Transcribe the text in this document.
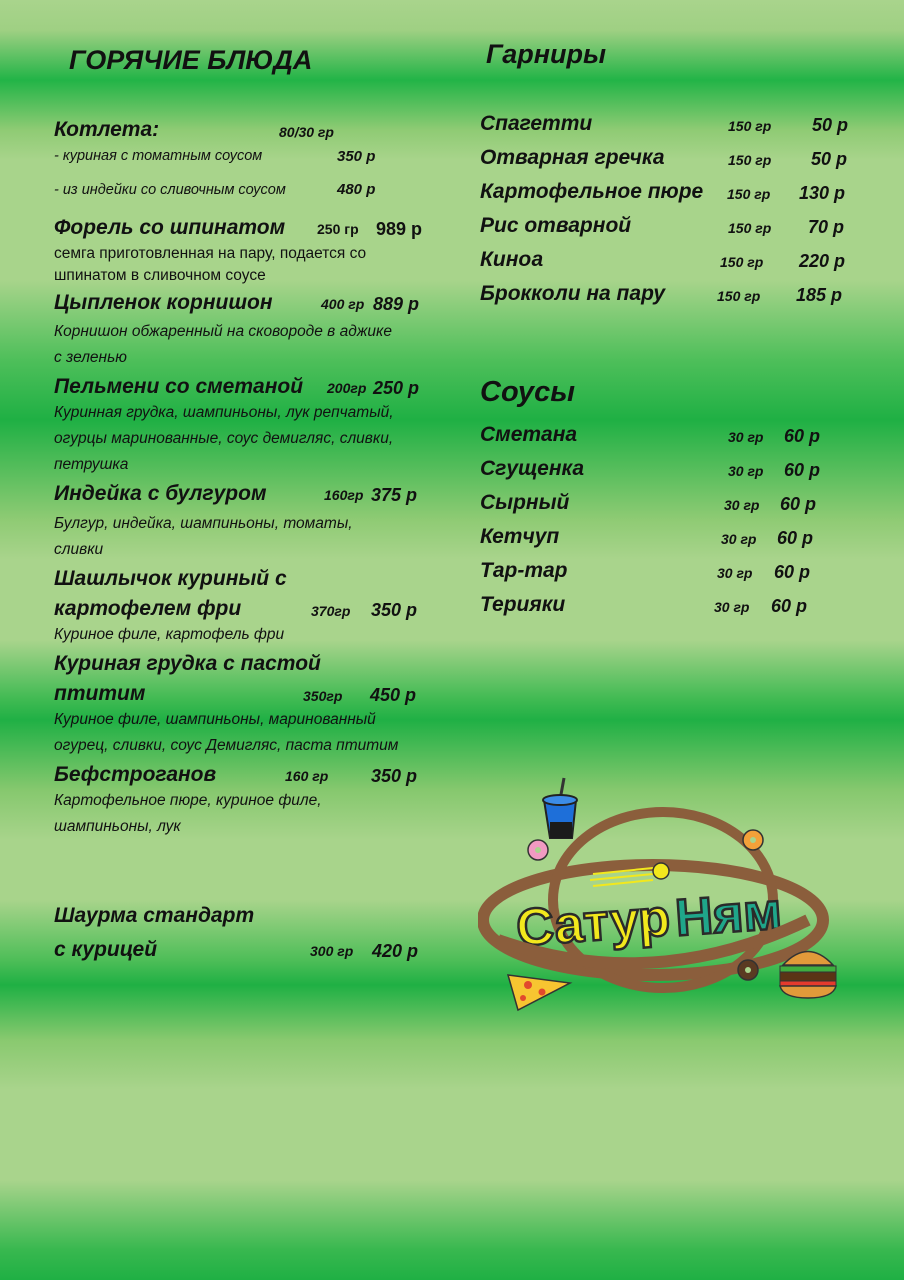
ГОРЯЧИЕ БЛЮДА
Котлета:	80/30 гр
- куриная с томатным соусом	350 р
- из индейки со сливочным соусом	480 р
Форель со шпинатом 250 гр 989 р
семга приготовленная на пару, подается со
шпинатом в сливочном соусе
Цыпленок корнишон	400 гр 889 р
Корнишон обжаренный на сковороде в аджике
с зеленью
Пельмени со сметаной 200гр 250 р
Куринная грудка, шампиньоны, лук репчатый,
огурцы маринованные, соус демигляс, сливки,
петрушка
Индейка с булгуром	160гр 375 р
Булгур, индейка, шампиньоны, томаты,
сливки
Шашлычок куриный с
картофелем фри	370гр 350 р
Куриное филе, картофель фри
Куриная грудка с пастой
птитим	350гр 450 р
Куриное филе, шампиньоны, маринованный
огурец, сливки, соус Демигляс, паста птитим
Бефстроганов	160 гр 350 р
Картофельное пюре, куриное филе,
шампиньоны, лук
Шаурма стандарт
с курицей	300 гр 420 р
Гарниры
Спагетти	150 гр 50 р
Отварная гречка	150 гр 50 р
Картофельное пюре 150 гр 130 р
Рис отварной	150 гр 70 р
Киноа	150 гр 220 р
Брокколи на пару	150 гр 185 р
Соусы
Сметана	30 гр 60 р
Сгущенка	30 гр 60 р
Сырный	30 гр 60 р
Кетчуп	30 гр 60 р
Тар-тар	30 гр 60 р
Терияки	30 гр 60 р
Сатур Ням
